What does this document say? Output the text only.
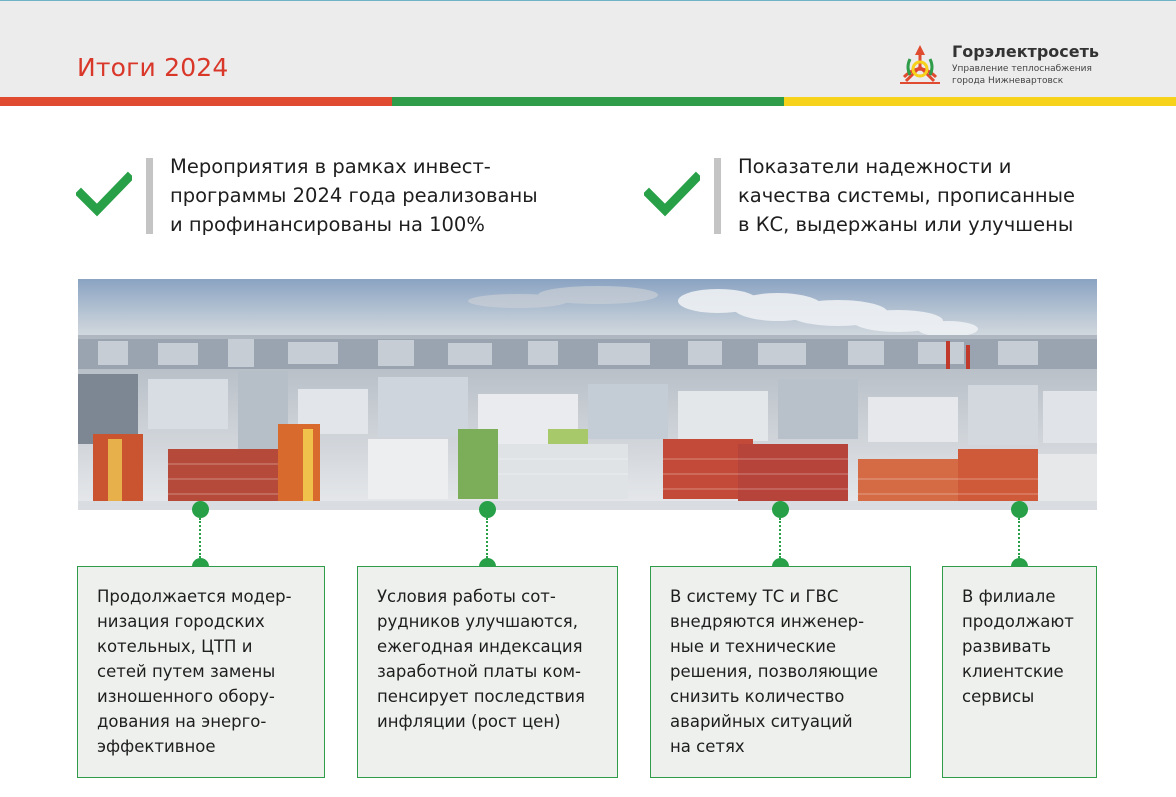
Итоги 2024
Горэлектросеть
Управление теплоснабжения
города Нижневартовск
Мероприятия в рамках инвест-
программы 2024 года реализованы
и профинансированы на 100%
Показатели надежности и
качества системы, прописанные
в КС, выдержаны или улучшены
Продолжается модер-
низация городских
котельных, ЦТП и
сетей путем замены
изношенного обору-
дования на энерго-
эффективное
Условия работы сот-
рудников улучшаются,
ежегодная индексация
заработной платы ком-
пенсирует последствия
инфляции (рост цен)
В систему ТС и ГВС
внедряются инженер-
ные и технические
решения, позволяющие
снизить количество
аварийных ситуаций
на сетях
В филиале
продолжают
развивать
клиентские
сервисы
